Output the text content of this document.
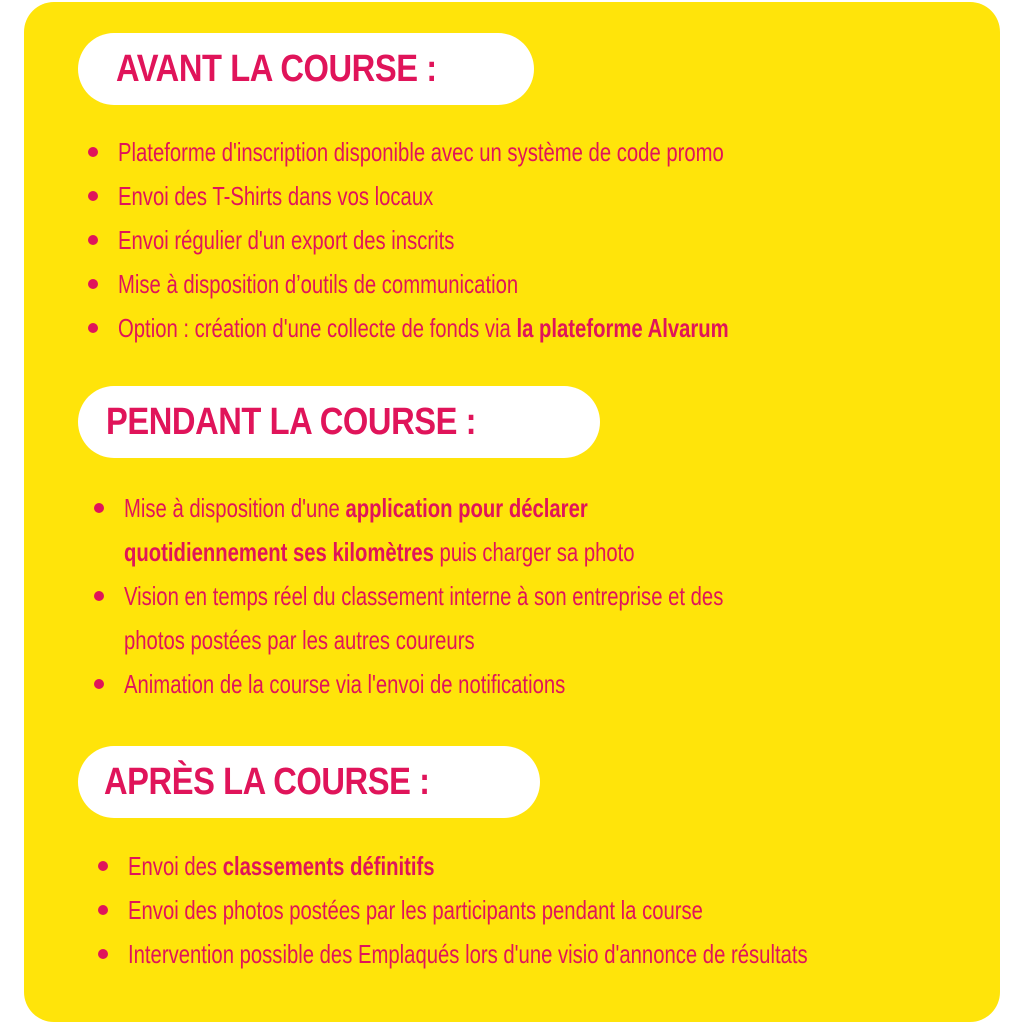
AVANT LA COURSE :
Plateforme d'inscription disponible avec un système de code promo
Envoi des T-Shirts dans vos locaux
Envoi régulier d'un export des inscrits
Mise à disposition d’outils de communication
Option : création d'une collecte de fonds via la plateforme Alvarum
PENDANT LA COURSE :
Mise à disposition d'une application pour déclarer
quotidiennement ses kilomètres puis charger sa photo
Vision en temps réel du classement interne à son entreprise et des
photos postées par les autres coureurs
Animation de la course via l'envoi de notifications
APRÈS LA COURSE :
Envoi des classements définitifs
Envoi des photos postées par les participants pendant la course
Intervention possible des Emplaqués lors d'une visio d'annonce de résultats
